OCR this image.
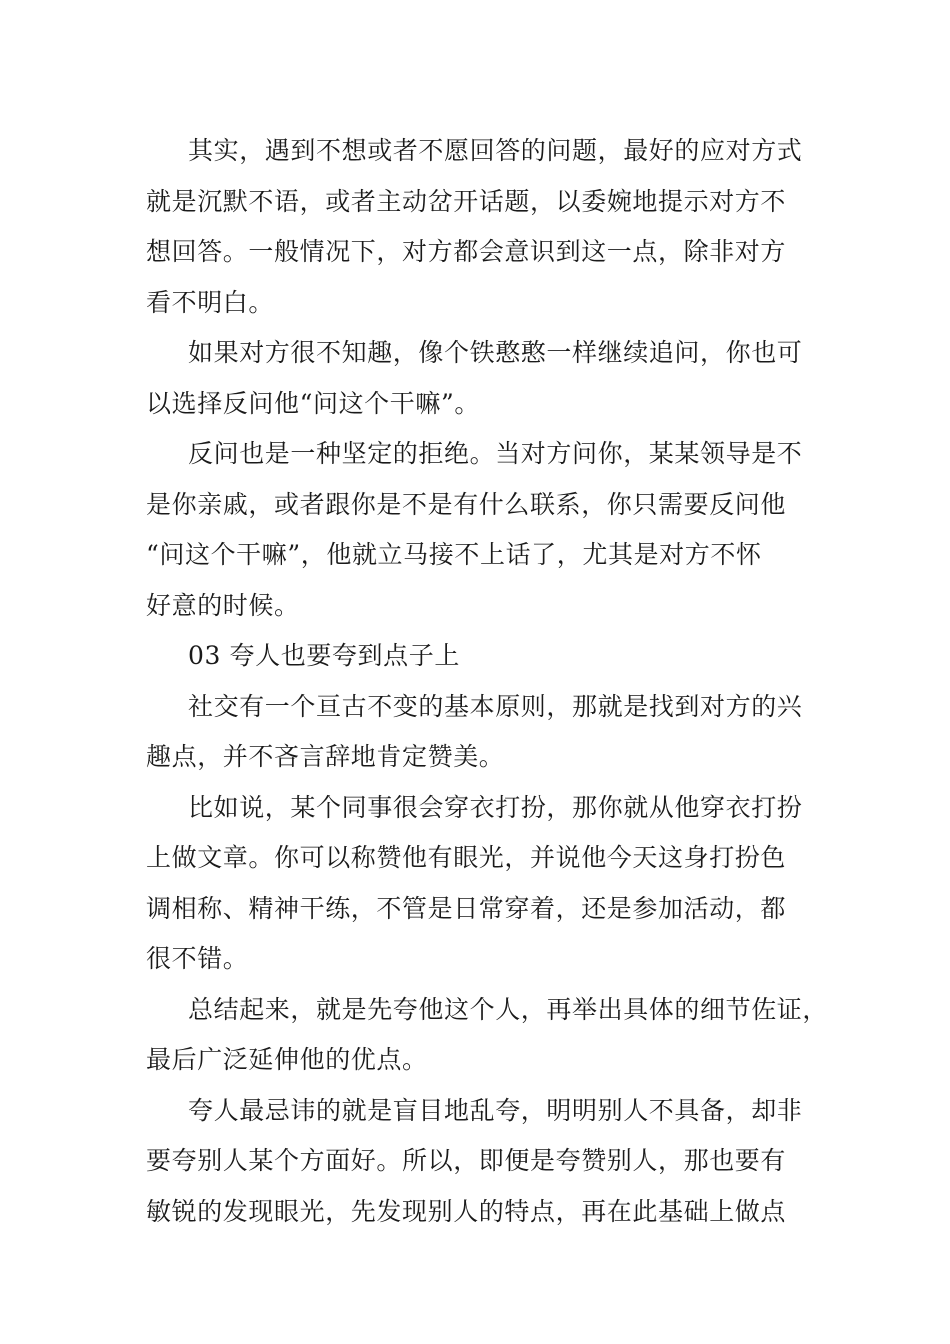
其实，遇到不想或者不愿回答的问题，最好的应对方式
就是沉默不语，或者主动岔开话题，以委婉地提示对方不
想回答。一般情况下，对方都会意识到这一点，除非对方
看不明白。
如果对方很不知趣，像个铁憨憨一样继续追问，你也可
以选择反问他“问这个干嘛”。
反问也是一种坚定的拒绝。当对方问你，某某领导是不
是你亲戚，或者跟你是不是有什么联系，你只需要反问他
“问这个干嘛”，他就立马接不上话了，尤其是对方不怀
好意的时候。
03 夸人也要夸到点子上
社交有一个亘古不变的基本原则，那就是找到对方的兴
趣点，并不吝言辞地肯定赞美。
比如说，某个同事很会穿衣打扮，那你就从他穿衣打扮
上做文章。你可以称赞他有眼光，并说他今天这身打扮色
调相称、精神干练，不管是日常穿着，还是参加活动，都
很不错。
总结起来，就是先夸他这个人，再举出具体的细节佐证，
最后广泛延伸他的优点。
夸人最忌讳的就是盲目地乱夸，明明别人不具备，却非
要夸别人某个方面好。所以，即便是夸赞别人，那也要有
敏锐的发现眼光，先发现别人的特点，再在此基础上做点
